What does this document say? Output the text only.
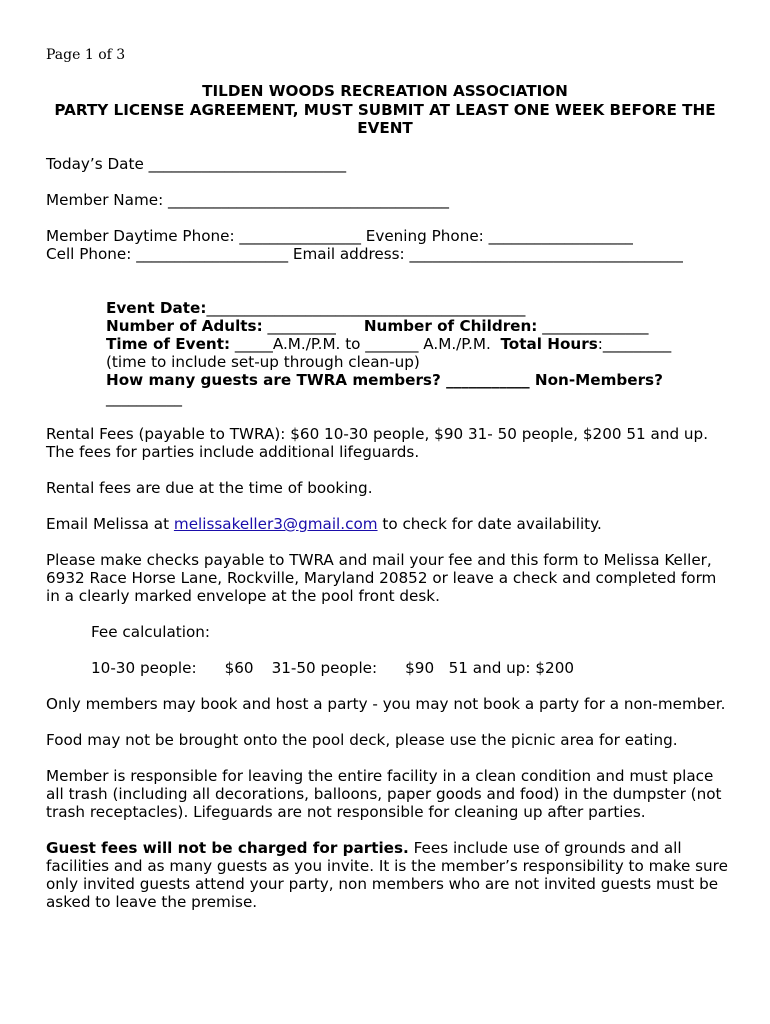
Page 1 of 3
TILDEN WOODS RECREATION ASSOCIATION
PARTY LICENSE AGREEMENT, MUST SUBMIT AT LEAST ONE WEEK BEFORE THE
EVENT
Today’s Date __________________________
Member Name: _____________________________________
Member Daytime Phone: ________________ Evening Phone: ___________________
Cell Phone: ____________________ Email address: ____________________________________
Event Date:__________________________________________
Number of Adults: _________ Number of Children: ______________
Time of Event: _____A.M./P.M. to _______ A.M./P.M. Total Hours:_________
(time to include set-up through clean-up)
How many guests are TWRA members? ___________ Non-Members?
__________
Rental Fees (payable to TWRA): $60 10-30 people, $90 31- 50 people, $200 51 and up.
The fees for parties include additional lifeguards.
Rental fees are due at the time of booking.
Email Melissa at melissakeller3@gmail.com to check for date availability.
Please make checks payable to TWRA and mail your fee and this form to Melissa Keller,
6932 Race Horse Lane, Rockville, Maryland 20852 or leave a check and completed form
in a clearly marked envelope at the pool front desk.
Fee calculation:
10-30 people: $60 31-50 people: $90 51 and up: $200
Only members may book and host a party - you may not book a party for a non-member.
Food may not be brought onto the pool deck, please use the picnic area for eating.
Member is responsible for leaving the entire facility in a clean condition and must place
all trash (including all decorations, balloons, paper goods and food) in the dumpster (not
trash receptacles). Lifeguards are not responsible for cleaning up after parties.
Guest fees will not be charged for parties. Fees include use of grounds and all
facilities and as many guests as you invite. It is the member’s responsibility to make sure
only invited guests attend your party, non members who are not invited guests must be
asked to leave the premise.
